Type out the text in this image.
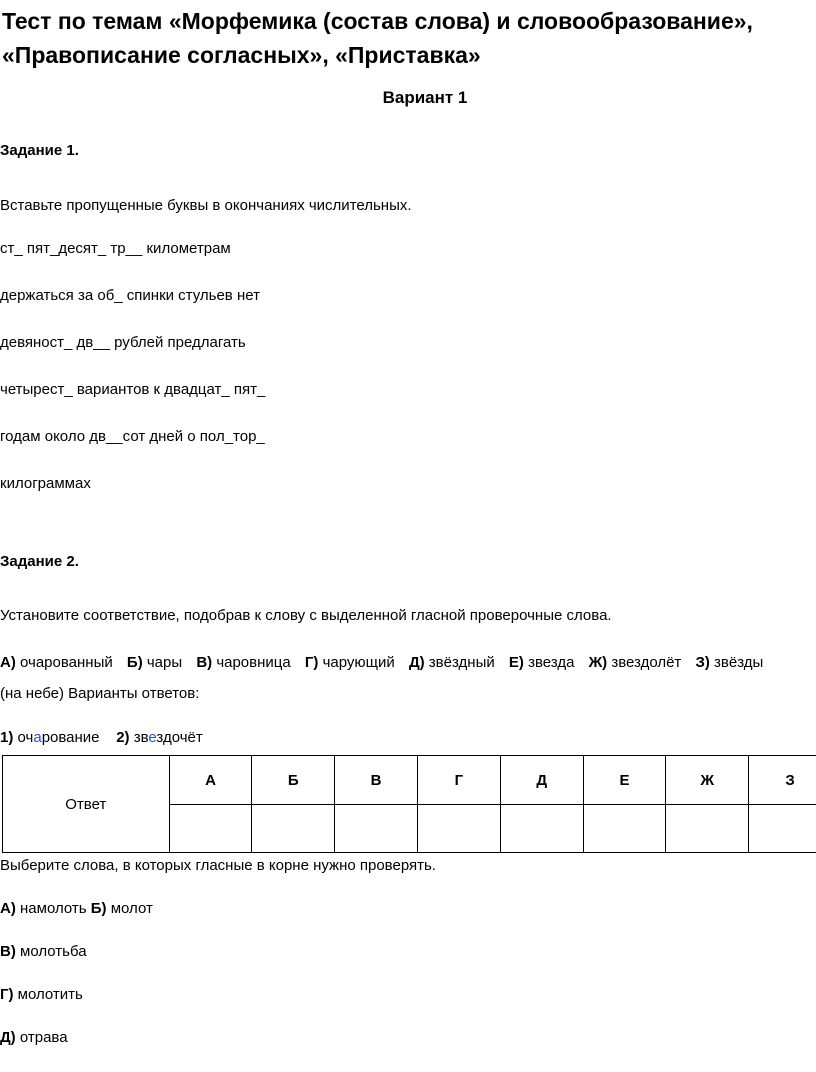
Тест по темам «Морфемика (состав слова) и словообразование»,
«Правописание согласных», «Приставка»
Вариант 1
Задание 1.
Вставьте пропущенные буквы в окончаниях числительных.
ст_ пят_десят_ тр__ километрам
держаться за об_ спинки стульев нет
девяност_ дв__ рублей предлагать
четырест_ вариантов к двадцат_ пят_
годам около дв__сот дней о пол_тор_
килограммах
Задание 2.
Установите соответствие, подобрав к слову с выделенной гласной проверочные слова.
А) очарованный Б) чары В) чаровница Г) чарующий Д) звёздный Е) звезда Ж) звездолёт З) звёзды
(на небе) Варианты ответов:
1) очарование 2) звездочёт
Ответ	А	Б	В	Г	Д	Е	Ж	З

Выберите слова, в которых гласные в корне нужно проверять.
А) намолоть Б) молот
В) молотьба
Г) молотить
Д) отрава
